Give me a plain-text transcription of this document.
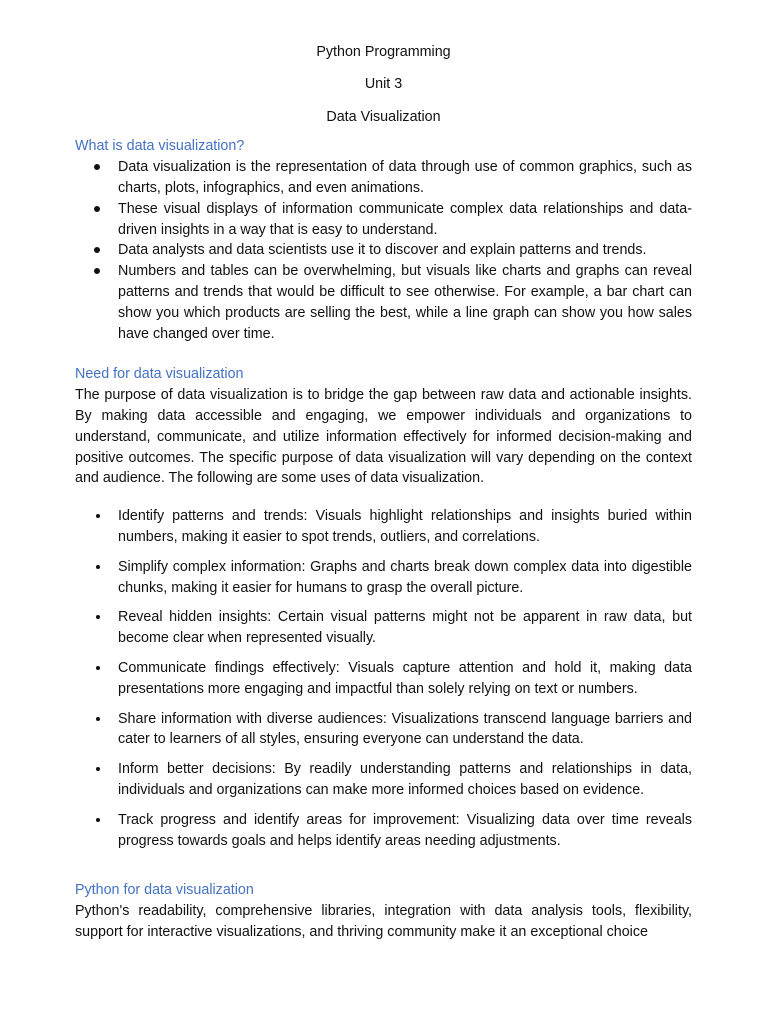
Python Programming

Unit 3

Data Visualization

What is data visualization?

Data visualization is the representation of data through use of common graphics, such as charts, plots, infographics, and even animations.
These visual displays of information communicate complex data relationships and data-driven insights in a way that is easy to understand.
Data analysts and data scientists use it to discover and explain patterns and trends.
Numbers and tables can be overwhelming, but visuals like charts and graphs can reveal patterns and trends that would be difficult to see otherwise. For example, a bar chart can show you which products are selling the best, while a line graph can show you how sales have changed over time.

Need for data visualization

The purpose of data visualization is to bridge the gap between raw data and actionable insights. By making data accessible and engaging, we empower individuals and organizations to understand, communicate, and utilize information effectively for informed decision-making and positive outcomes. The specific purpose of data visualization will vary depending on the context and audience. The following are some uses of data visualization.

Identify patterns and trends: Visuals highlight relationships and insights buried within numbers, making it easier to spot trends, outliers, and correlations.
Simplify complex information: Graphs and charts break down complex data into digestible chunks, making it easier for humans to grasp the overall picture.
Reveal hidden insights: Certain visual patterns might not be apparent in raw data, but become clear when represented visually.
Communicate findings effectively: Visuals capture attention and hold it, making data presentations more engaging and impactful than solely relying on text or numbers.
Share information with diverse audiences: Visualizations transcend language barriers and cater to learners of all styles, ensuring everyone can understand the data.
Inform better decisions: By readily understanding patterns and relationships in data, individuals and organizations can make more informed choices based on evidence.
Track progress and identify areas for improvement: Visualizing data over time reveals progress towards goals and helps identify areas needing adjustments.

Python for data visualization

Python's readability, comprehensive libraries, integration with data analysis tools, flexibility, support for interactive visualizations, and thriving community make it an exceptional choice
